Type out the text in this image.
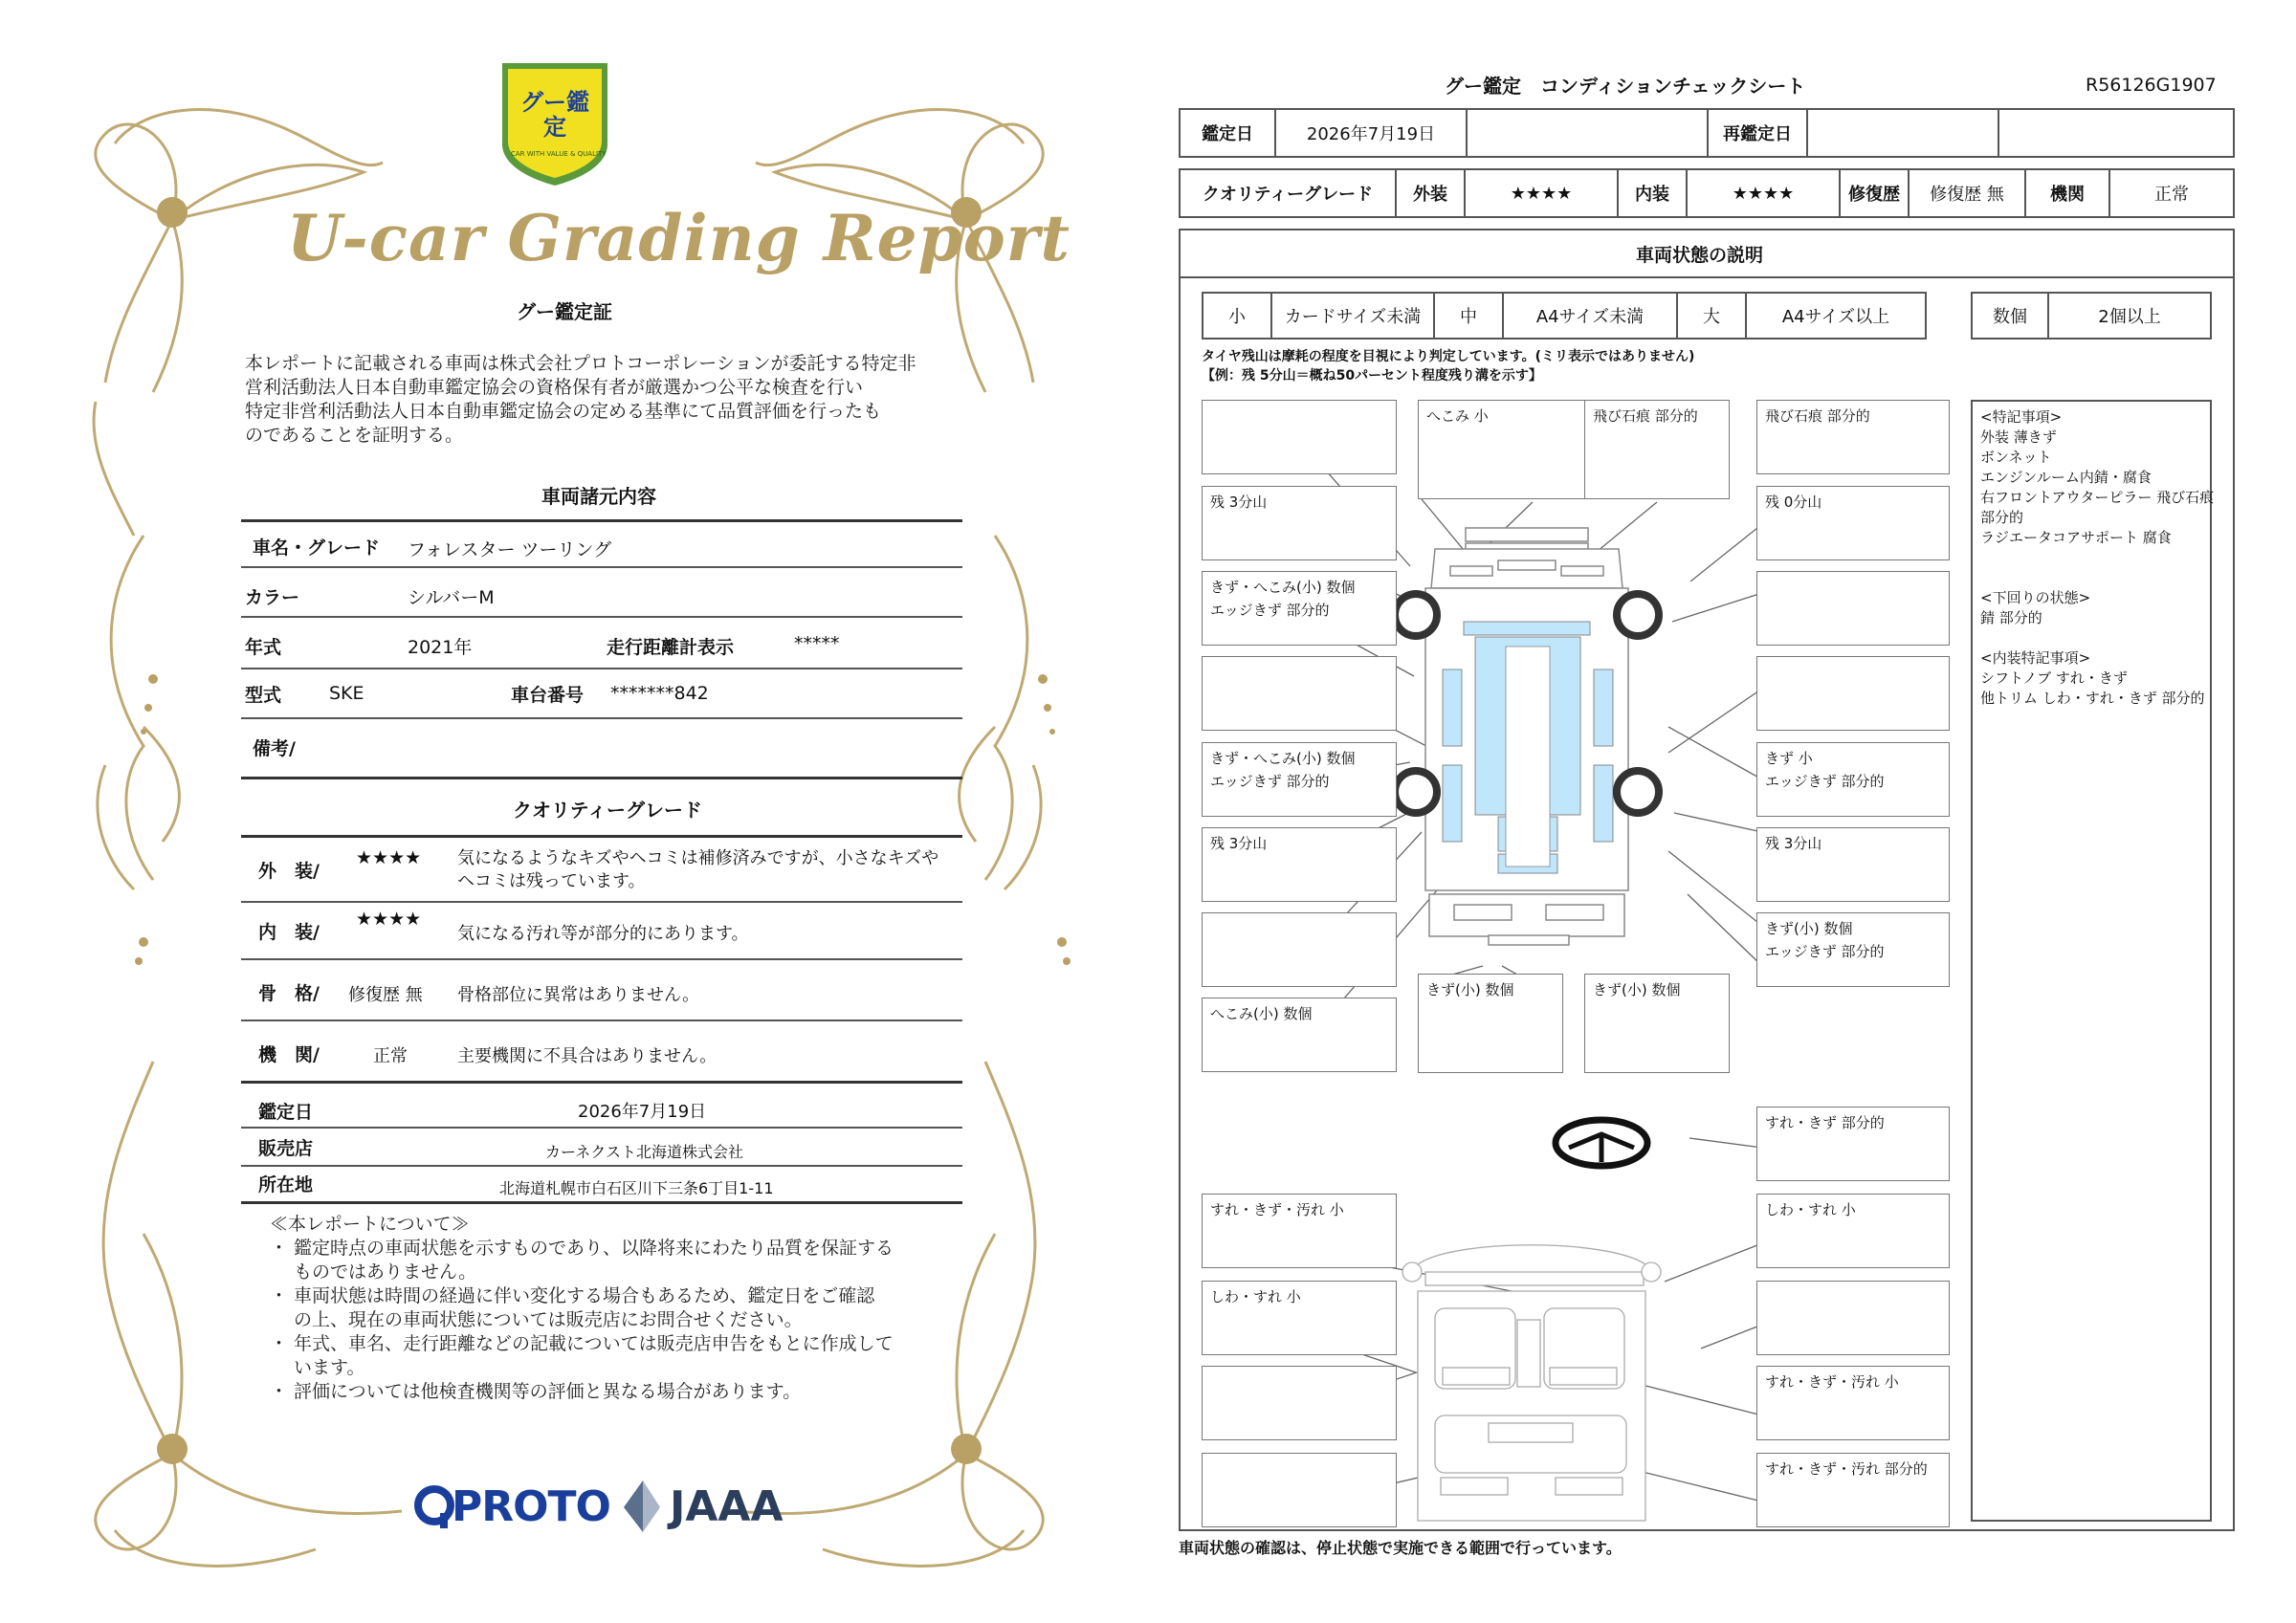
グー鑑定
CAR WITH VALUE & QUALITY
U-car Grading Report
グー鑑定証
本レポートに記載される車両は株式会社プロトコーポレーションが委託する特定非
営利活動法人日本自動車鑑定協会の資格保有者が厳選かつ公平な検査を行い
特定非営利活動法人日本自動車鑑定協会の定める基準にて品質評価を行ったも
のであることを証明する。
車両諸元内容
車名・グレード フォレスター ツーリング
カラー	シルバーM
年式	2021年	走行距離計表示	*****
型式	SKE	車台番号 *******842
備考/
クオリティーグレード
外　装/
★★★★ 気になるようなキズやヘコミは補修済みですが、小さなキズや
ヘコミは残っています。
内　装/
★★★★
気になる汚れ等が部分的にあります。
骨　格/ 修復歴 無 骨格部位に異常はありません。
機　関/	正常	主要機関に不具合はありません。
鑑定日	2026年7月19日
販売店	カーネクスト北海道株式会社
所在地	北海道札幌市白石区川下三条6丁目1-11
≪本レポートについて≫
・ 鑑定時点の車両状態を示すものであり、以降将来にわたり品質を保証する
　 ものではありません。
・ 車両状態は時間の経過に伴い変化する場合もあるため、鑑定日をご確認
　 の上、現在の車両状態については販売店にお問合せください。
・ 年式、車名、走行距離などの記載については販売店申告をもとに作成して
　 います。
・ 評価については他検査機関等の評価と異なる場合があります。
PROTO JAAA
グー鑑定　コンディションチェックシート	R56126G1907
鑑定日	2026年7月19日	再鑑定日
クオリティーグレード	外装	★★★★	内装	★★★★	修復歴	修復歴 無	機関	正常
車両状態の説明
小	カードサイズ未満	中	A4サイズ未満	大	A4サイズ以上	数個	2個以上
タイヤ残山は摩耗の程度を目視により判定しています。(ミリ表示ではありません)
【例：残 5分山＝概ね50パーセント程度残り溝を示す】
へこみ 小	飛び石痕 部分的	飛び石痕 部分的
残 3分山	残 0分山
きず・へこみ(小) 数個
エッジきず 部分的
きず・へこみ(小) 数個
エッジきず 部分的
きず 小
エッジきず 部分的
残 3分山	残 3分山
きず(小) 数個
エッジきず 部分的
へこみ(小) 数個
きず(小) 数個	きず(小) 数個
すれ・きず 部分的
すれ・きず・汚れ 小	しわ・すれ 小
しわ・すれ 小
すれ・きず・汚れ 小
すれ・きず・汚れ 部分的
<特記事項>
外装 薄きず
ボンネット
エンジンルーム内錆・腐食
右フロントアウターピラー 飛び石痕
部分的
ラジエータコアサポート 腐食
<下回りの状態>
錆 部分的
<内装特記事項>
シフトノブ すれ・きず
他トリム しわ・すれ・きず 部分的
車両状態の確認は、停止状態で実施できる範囲で行っています。
